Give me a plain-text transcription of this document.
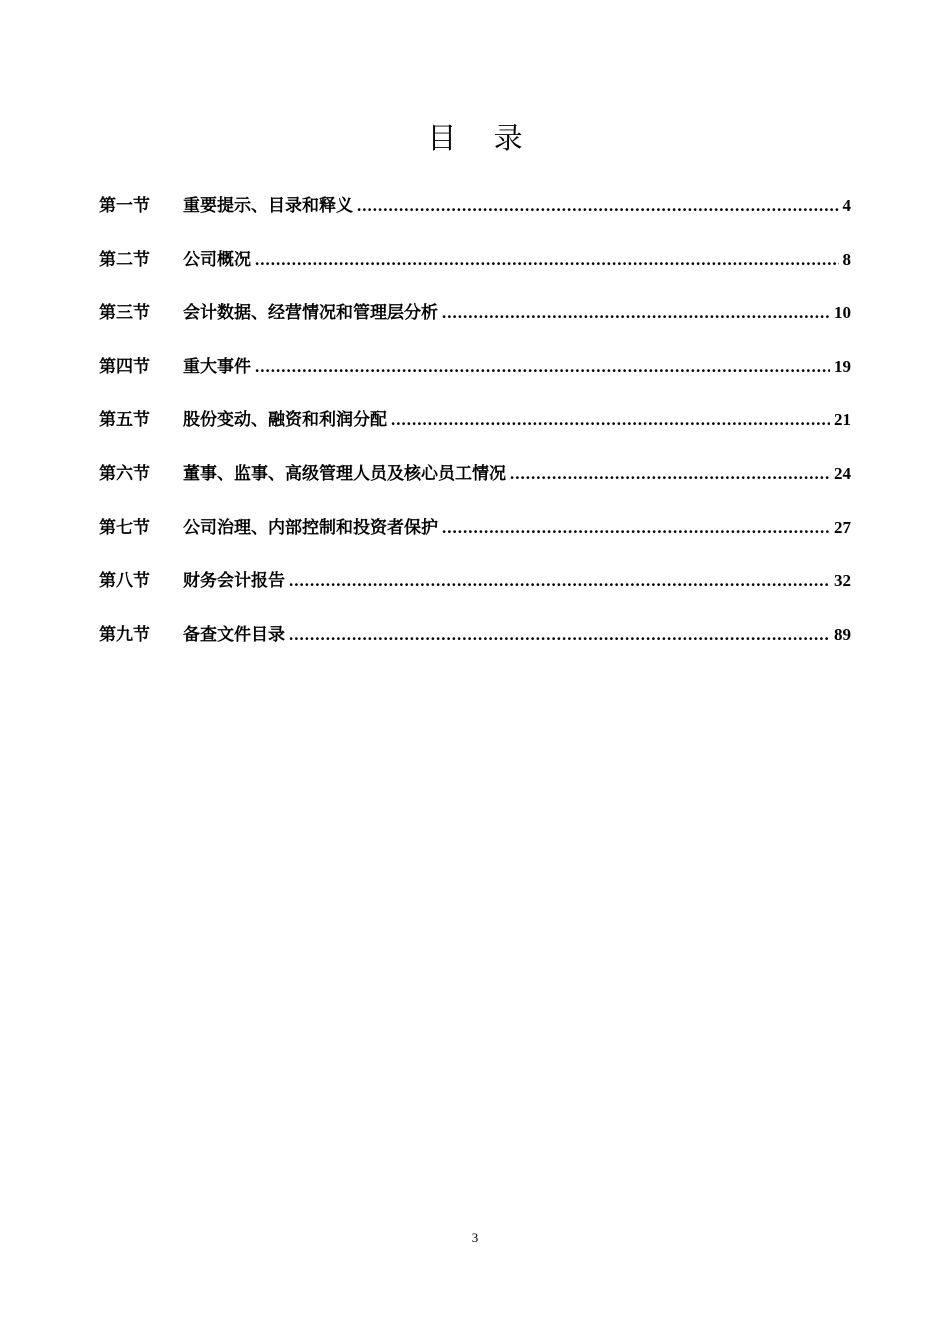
目 录
第一节	重要提示、目录和释义 .....	4
第二节	公司概况 .....	8
第三节	会计数据、经营情况和管理层分析 .....	10
第四节	重大事件 .....	19
第五节	股份变动、融资和利润分配 .....	21
第六节	董事、监事、高级管理人员及核心员工情况 .....	24
第七节	公司治理、内部控制和投资者保护 .....	27
第八节	财务会计报告 .....	32
第九节	备查文件目录 .....	89
3
